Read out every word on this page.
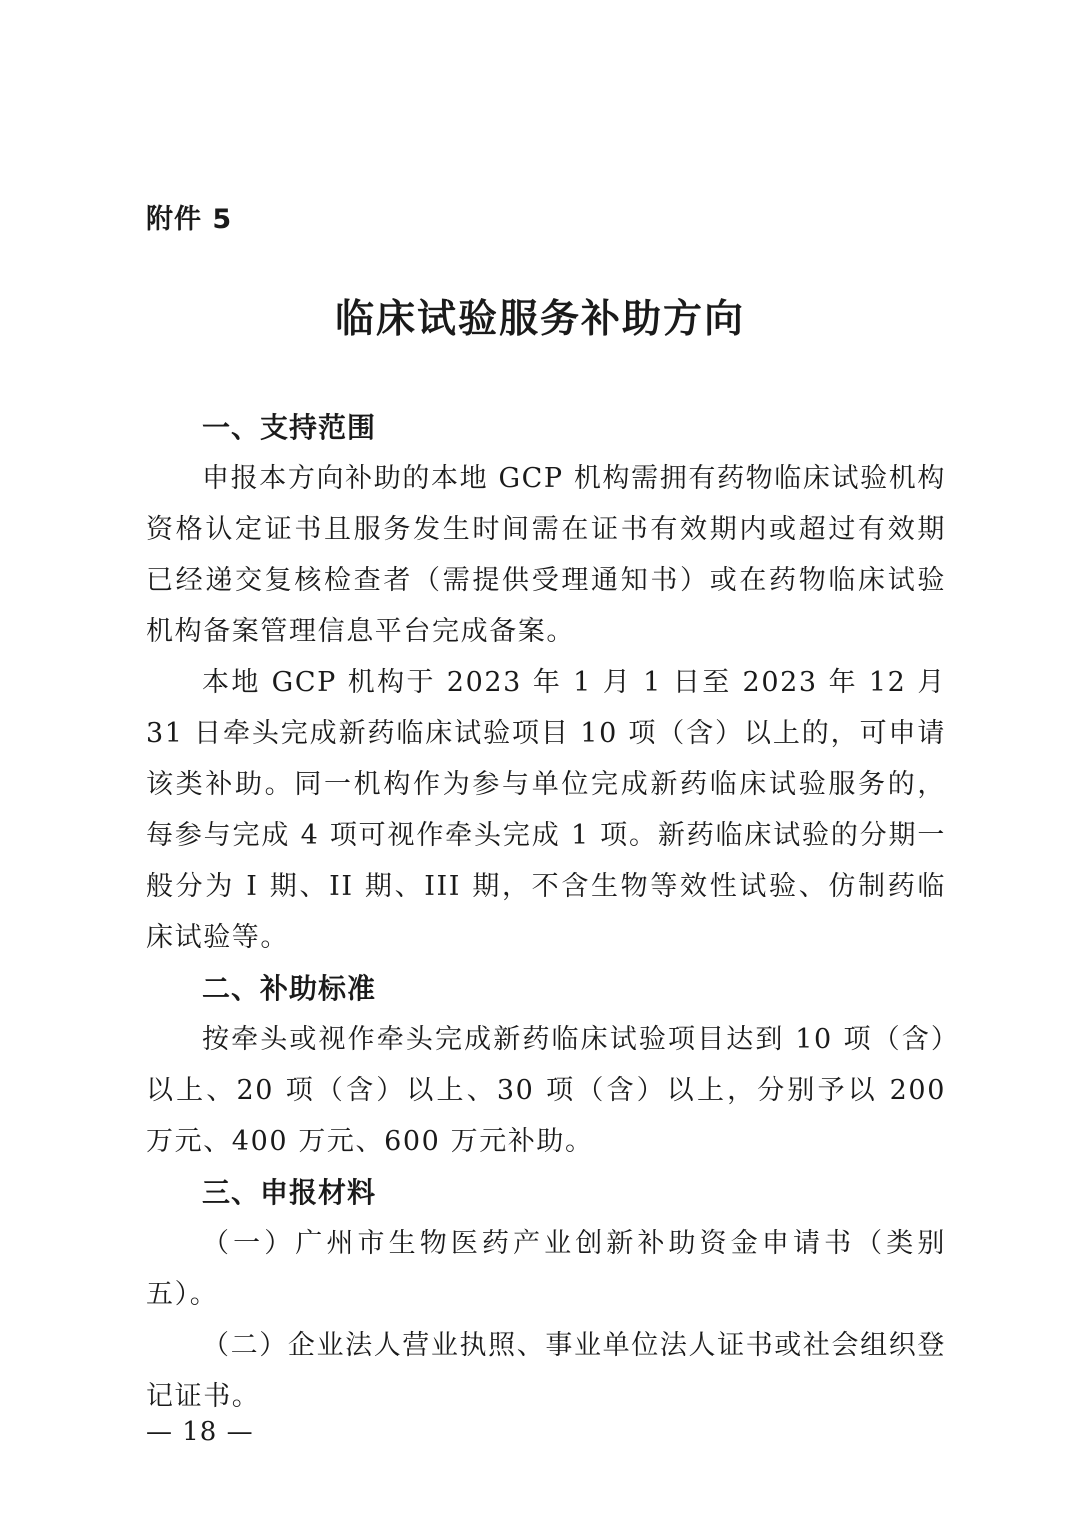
附件 5
临床试验服务补助方向
一、支持范围

申报本方向补助的本地 GCP 机构需拥有药物临床试验机构资格认定证书且服务发生时间需在证书有效期内或超过有效期已经递交复核检查者（需提供受理通知书）或在药物临床试验机构备案管理信息平台完成备案。

本地 GCP 机构于 2023 年 1 月 1 日至 2023 年 12 月 31 日牵头完成新药临床试验项目 10 项（含）以上的，可申请该类补助。同一机构作为参与单位完成新药临床试验服务的，每参与完成 4 项可视作牵头完成 1 项。新药临床试验的分期一般分为 I 期、II 期、III 期，不含生物等效性试验、仿制药临床试验等。

二、补助标准

按牵头或视作牵头完成新药临床试验项目达到 10 项（含）以上、20 项（含）以上、30 项（含）以上，分别予以 200 万元、400 万元、600 万元补助。

三、申报材料

（一）广州市生物医药产业创新补助资金申请书（类别五）。

（二）企业法人营业执照、事业单位法人证书或社会组织登记证书。

— 18 —
